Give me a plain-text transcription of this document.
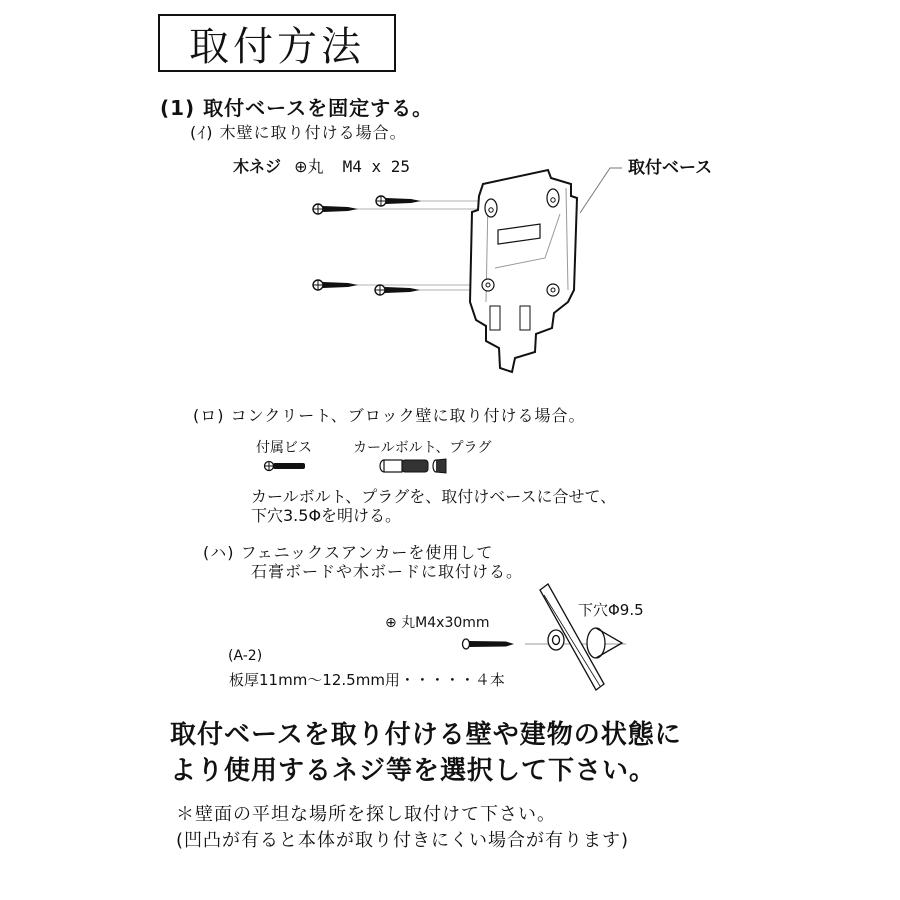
取付方法
(1) 取付ベースを固定する。
(ｲ) 木壁に取り付ける場合。
木ネジ ⊕丸 M4 x 25	取付ベース
(ロ) コンクリート、ブロック壁に取り付ける場合。
付属ビス	カールボルト、プラグ
カールボルト、プラグを、取付けベースに合せて、
下穴3.5Φを明ける。
(ハ) フェニックスアンカーを使用して
石膏ボードや木ボードに取付ける。
⊕ 丸M4x30mm
下穴Φ9.5
(A-2)
板厚11mm〜12.5mm用・・・・・４本
取付ベースを取り付ける壁や建物の状態に
より使用するネジ等を選択して下さい。
＊壁面の平坦な場所を探し取付けて下さい。
(凹凸が有ると本体が取り付きにくい場合が有ります)
